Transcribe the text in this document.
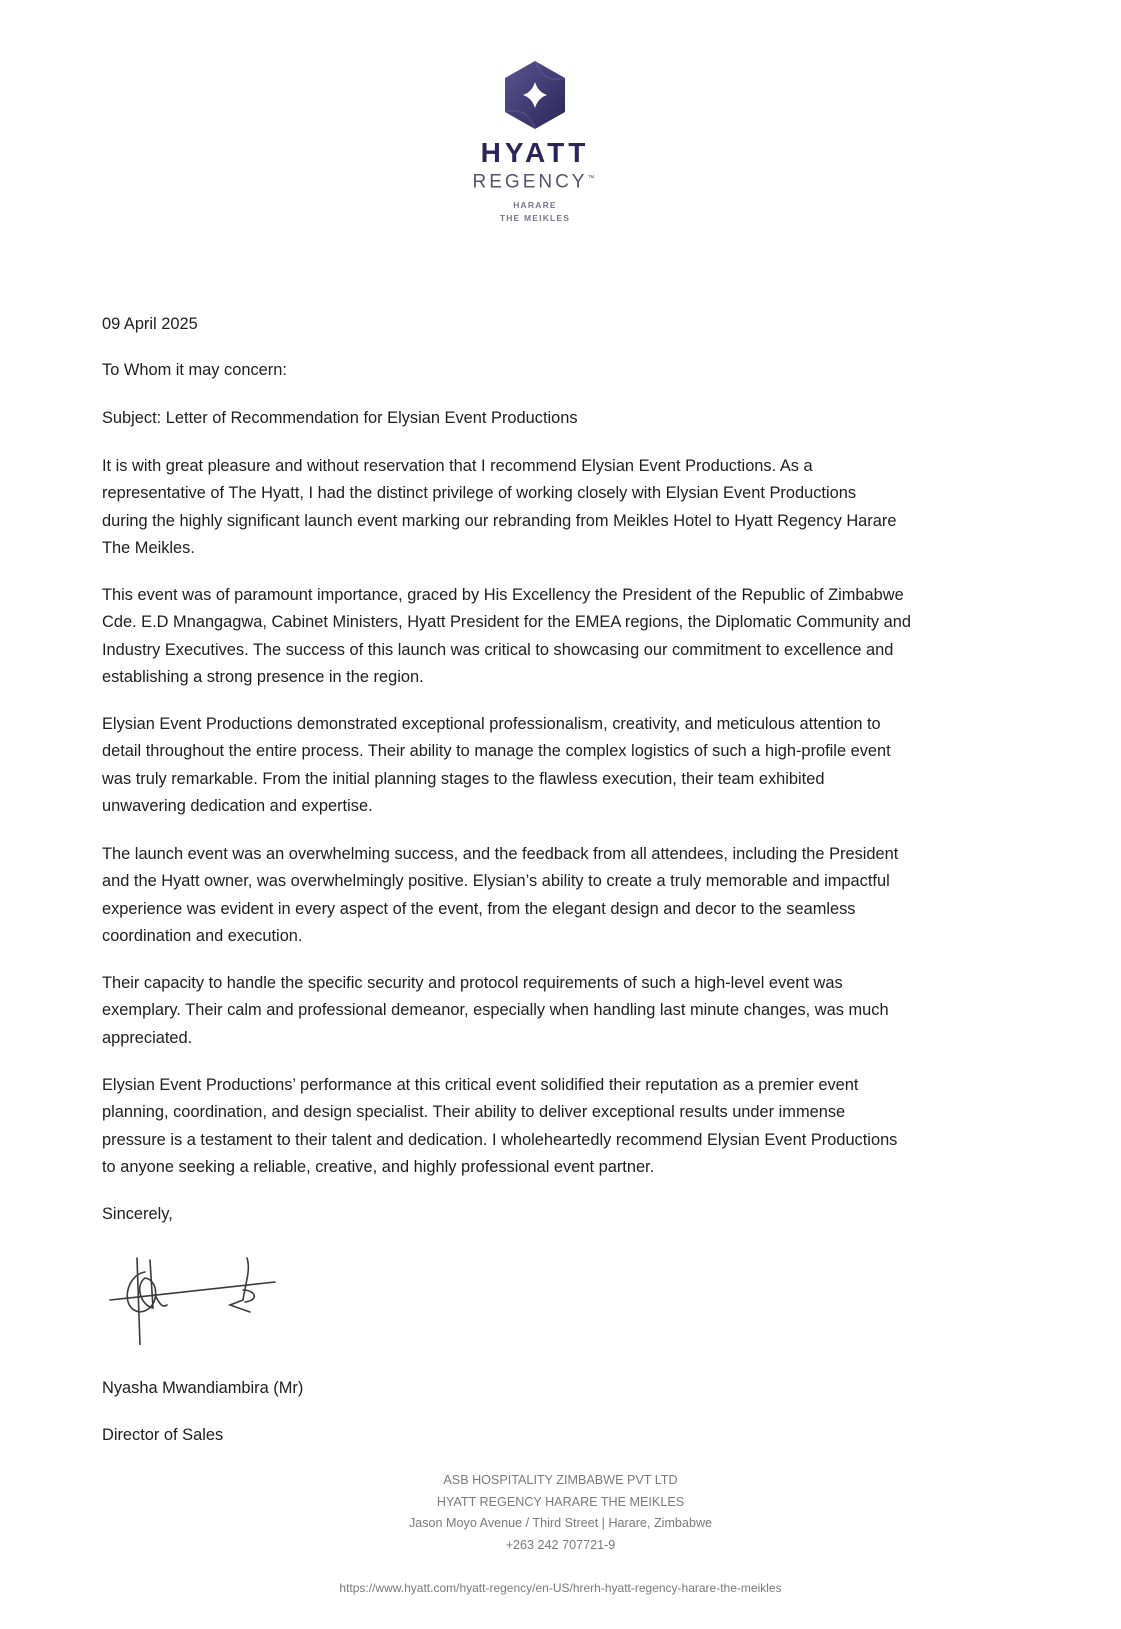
HYATT
REGENCY™
HARARE
THE MEIKLES
09 April 2025
To Whom it may concern:
Subject: Letter of Recommendation for Elysian Event Productions
It is with great pleasure and without reservation that I recommend Elysian Event Productions. As a
representative of The Hyatt, I had the distinct privilege of working closely with Elysian Event Productions
during the highly significant launch event marking our rebranding from Meikles Hotel to Hyatt Regency Harare
The Meikles.
This event was of paramount importance, graced by His Excellency the President of the Republic of Zimbabwe
Cde. E.D Mnangagwa, Cabinet Ministers, Hyatt President for the EMEA regions, the Diplomatic Community and
Industry Executives. The success of this launch was critical to showcasing our commitment to excellence and
establishing a strong presence in the region.
Elysian Event Productions demonstrated exceptional professionalism, creativity, and meticulous attention to
detail throughout the entire process. Their ability to manage the complex logistics of such a high-profile event
was truly remarkable. From the initial planning stages to the flawless execution, their team exhibited
unwavering dedication and expertise.
The launch event was an overwhelming success, and the feedback from all attendees, including the President
and the Hyatt owner, was overwhelmingly positive. Elysian’s ability to create a truly memorable and impactful
experience was evident in every aspect of the event, from the elegant design and decor to the seamless
coordination and execution.
Their capacity to handle the specific security and protocol requirements of such a high-level event was
exemplary. Their calm and professional demeanor, especially when handling last minute changes, was much
appreciated.
Elysian Event Productions’ performance at this critical event solidified their reputation as a premier event
planning, coordination, and design specialist. Their ability to deliver exceptional results under immense
pressure is a testament to their talent and dedication. I wholeheartedly recommend Elysian Event Productions
to anyone seeking a reliable, creative, and highly professional event partner.
Sincerely,
Nyasha Mwandiambira (Mr)
Director of Sales
ASB HOSPITALITY ZIMBABWE PVT LTD
HYATT REGENCY HARARE THE MEIKLES
Jason Moyo Avenue / Third Street | Harare, Zimbabwe
+263 242 707721-9
https://www.hyatt.com/hyatt-regency/en-US/hrerh-hyatt-regency-harare-the-meikles
